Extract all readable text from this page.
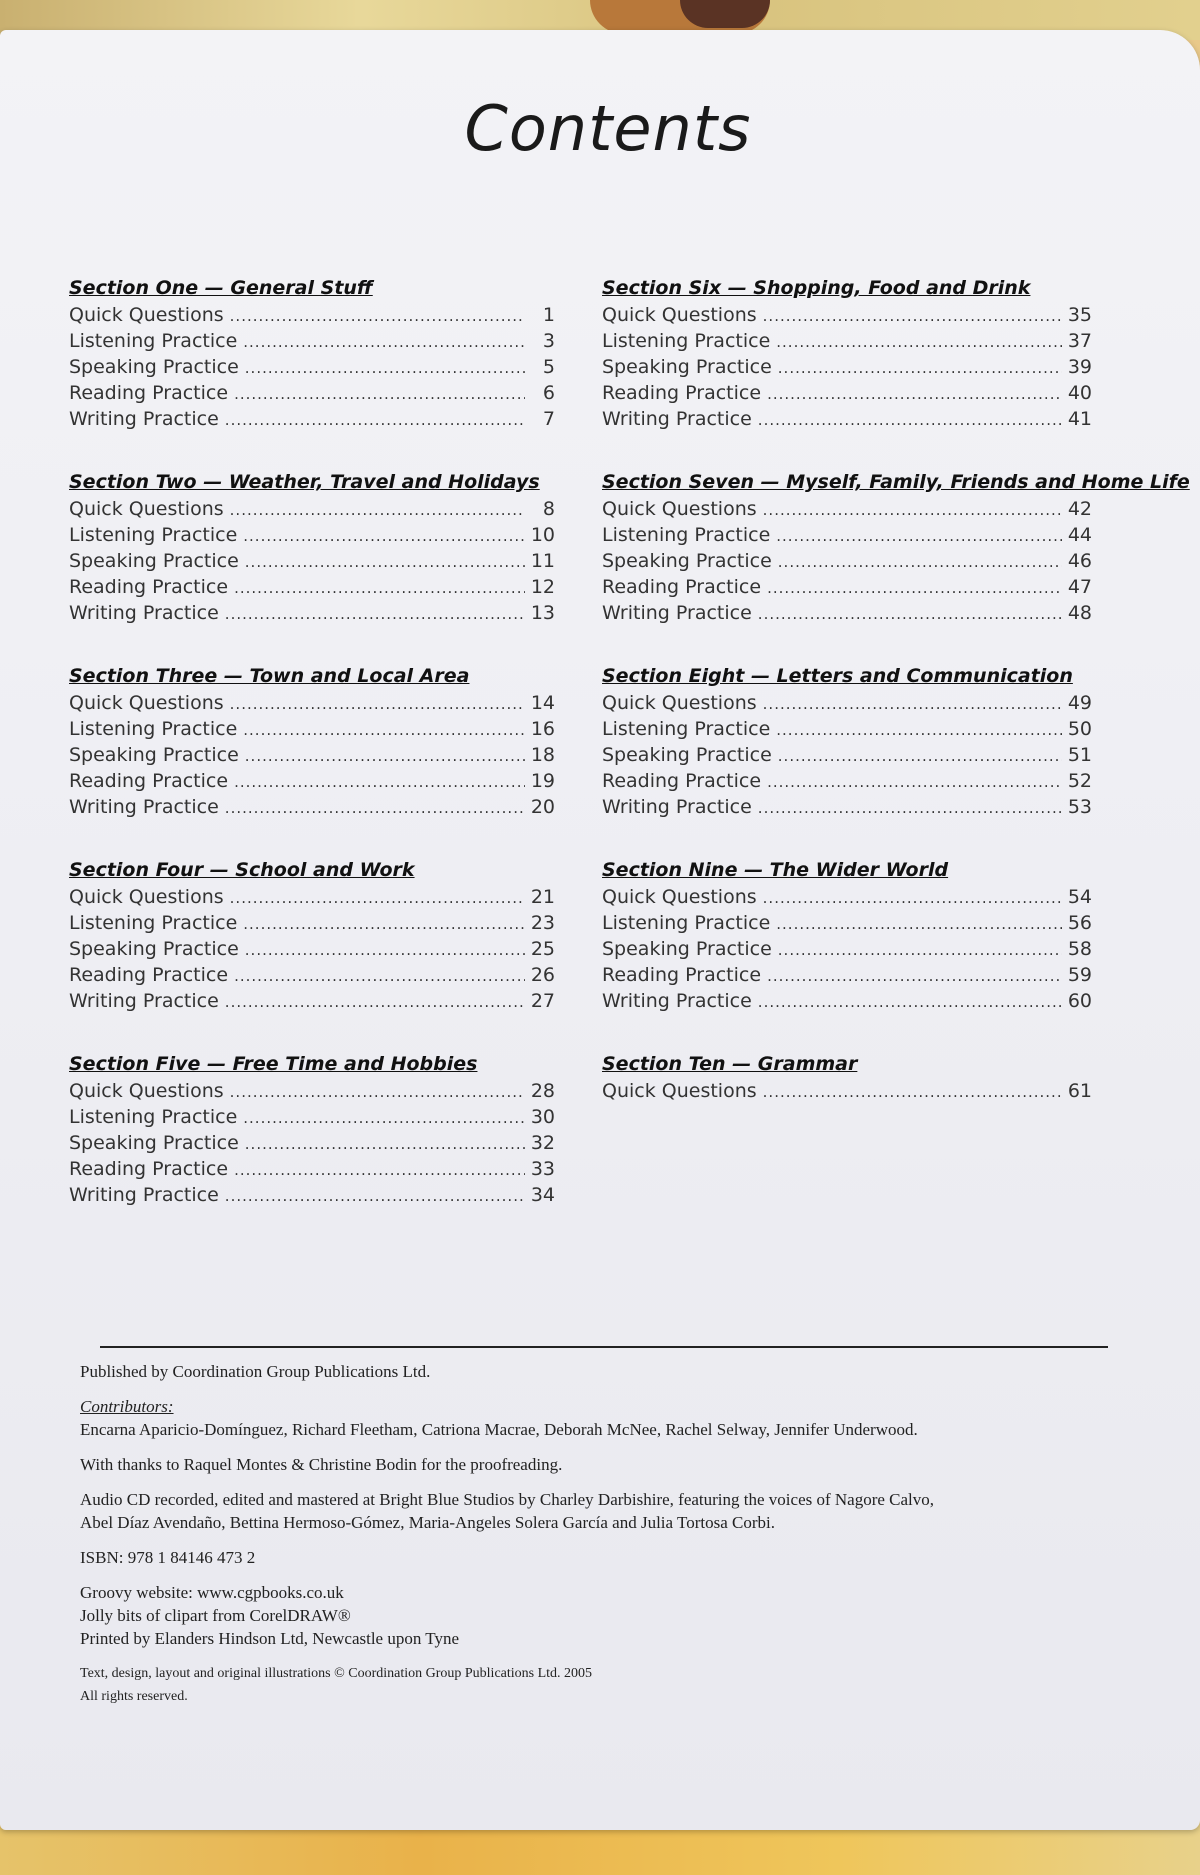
Contents
Section One — General Stuff
Quick Questions .....	1
Listening Practice .....	3
Speaking Practice .....	5
Reading Practice .....	6
Writing Practice .....	7
Section Two — Weather, Travel and Holidays
Quick Questions .....	8
Listening Practice .....	10
Speaking Practice .....	11
Reading Practice .....	12
Writing Practice .....	13
Section Three — Town and Local Area
Quick Questions .....	14
Listening Practice .....	16
Speaking Practice .....	18
Reading Practice .....	19
Writing Practice .....	20
Section Four — School and Work
Quick Questions .....	21
Listening Practice .....	23
Speaking Practice .....	25
Reading Practice .....	26
Writing Practice .....	27
Section Five — Free Time and Hobbies
Quick Questions .....	28
Listening Practice .....	30
Speaking Practice .....	32
Reading Practice .....	33
Writing Practice .....	34
Section Six — Shopping, Food and Drink
Quick Questions .....	35
Listening Practice .....	37
Speaking Practice .....	39
Reading Practice .....	40
Writing Practice .....	41
Section Seven — Myself, Family, Friends and Home Life
Quick Questions .....	42
Listening Practice .....	44
Speaking Practice .....	46
Reading Practice .....	47
Writing Practice .....	48
Section Eight — Letters and Communication
Quick Questions .....	49
Listening Practice .....	50
Speaking Practice .....	51
Reading Practice .....	52
Writing Practice .....	53
Section Nine — The Wider World
Quick Questions .....	54
Listening Practice .....	56
Speaking Practice .....	58
Reading Practice .....	59
Writing Practice .....	60
Section Ten — Grammar
Quick Questions .....	61

Published by Coordination Group Publications Ltd.

Contributors:

Encarna Aparicio-Domínguez, Richard Fleetham, Catriona Macrae, Deborah McNee, Rachel Selway, Jennifer Underwood.

With thanks to Raquel Montes & Christine Bodin for the proofreading.

Audio CD recorded, edited and mastered at Bright Blue Studios by Charley Darbishire, featuring the voices of Nagore Calvo,

Abel Díaz Avendaño, Bettina Hermoso-Gómez, Maria-Angeles Solera García and Julia Tortosa Corbi.

ISBN: 978 1 84146 473 2

Groovy website: www.cgpbooks.co.uk

Jolly bits of clipart from CorelDRAW®

Printed by Elanders Hindson Ltd, Newcastle upon Tyne

Text, design, layout and original illustrations © Coordination Group Publications Ltd. 2005

All rights reserved.
